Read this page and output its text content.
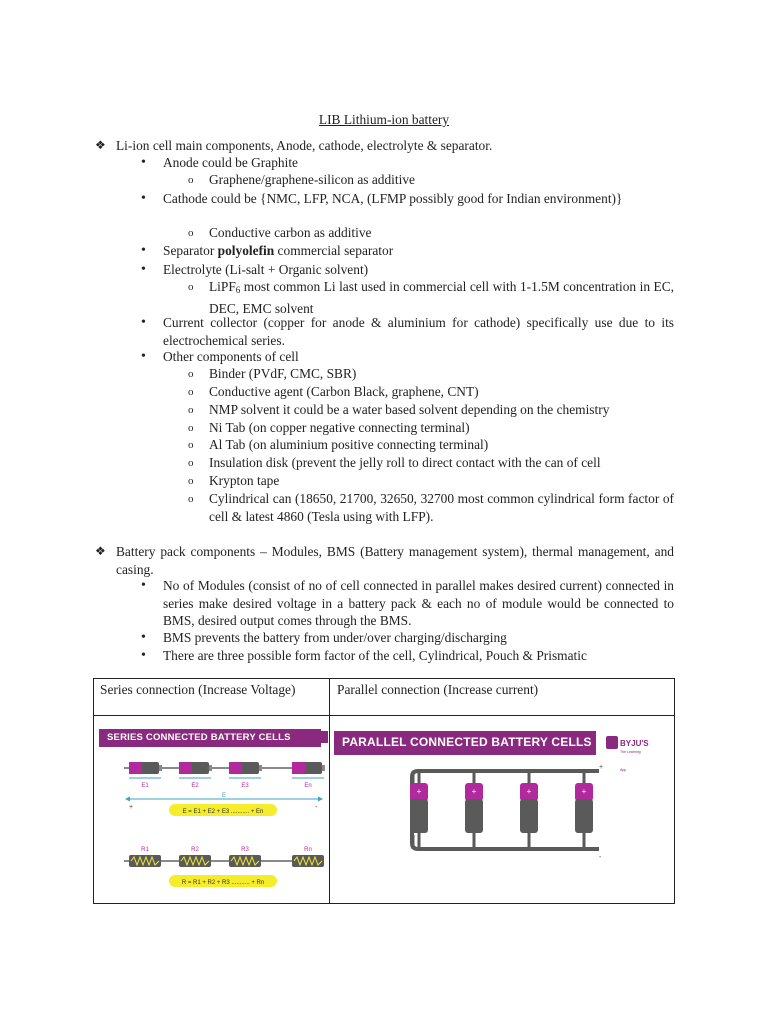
LIB Lithium-ion battery
❖ Li-ion cell main components, Anode, cathode, electrolyte & separator.
• Anode could be Graphite
o Graphene/graphene-silicon as additive
• Cathode could be {NMC, LFP, NCA, (LFMP possibly good for Indian environment)}
o Conductive carbon as additive
• Separator polyolefin commercial separator
• Electrolyte (Li-salt + Organic solvent)
o LiPF$_6$ most common Li last used in commercial cell with 1-1.5M concentration in EC, DEC, EMC solvent
• Current collector (copper for anode & aluminium for cathode) specifically use due to its electrochemical series.
• Other components of cell
o Binder (PVdF, CMC, SBR)
o Conductive agent (Carbon Black, graphene, CNT)
o NMP solvent it could be a water based solvent depending on the chemistry
o Ni Tab (on copper negative connecting terminal)
o Al Tab (on aluminium positive connecting terminal)
o Insulation disk (prevent the jelly roll to direct contact with the can of cell
o Krypton tape
o Cylindrical can (18650, 21700, 32650, 32700 most common cylindrical form factor of cell & latest 4860 (Tesla using with LFP).
❖ Battery pack components – Modules, BMS (Battery management system), thermal management, and casing.
• No of Modules (consist of no of cell connected in parallel makes desired current) connected in series make desired voltage in a battery pack & each no of module would be connected to BMS, desired output comes through the BMS.
• BMS prevents the battery from under/over charging/discharging
• There are three possible form factor of the cell, Cylindrical, Pouch & Prismatic
Series connection (Increase Voltage)	Parallel connection (Increase current)
SERIES CONNECTED BATTERY CELLS
E1	E2	E3	En
E
+	-
E = E1 + E2 + E3 ........... + En
R1	R2	R3	Rn
R = R1 + R2 + R3 ........... + Rn
PARALLEL CONNECTED BATTERY CELLS	BYJU'S
The Learning App
+
-
+	+	+	+
